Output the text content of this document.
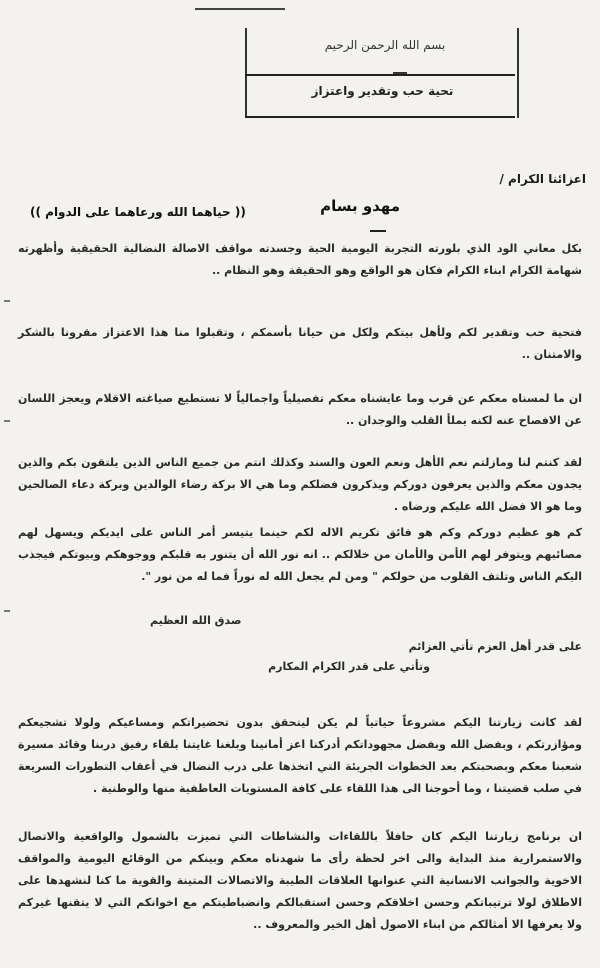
بسم الله الرحمن الرحيم
تحية حب وتقدير واعتزاز
اعزائنا الكرام /
مهدو بسام
(( حياهما الله ورعاهما على الدوام ))
بكل معاني الود الذي بلورته التجربة اليومية الحية وجسدته مواقف الاصالة النضالية الحقيقية وأظهرته شهامة الكرام ابناء الكرام فكان هو الواقع وهو الحقيقة وهو النظام ..
فتحية حب وتقدير لكم ولأهل بيتكم ولكل من حيانا بأسمكم ، وتقبلوا منا هذا الاعتزاز مقرونا بالشكر والامتنان ..
ان ما لمسناه معكم عن قرب وما عايشناه معكم تفصيلياً واجمالياً لا تستطيع صياغته الاقلام ويعجز اللسان عن الافصاح عنه لكنه يملأ القلب والوجدان ..
لقد كنتم لنا ومازلتم نعم الأهل ونعم العون والسند وكذلك انتم من جميع الناس الذين يلتقون بكم والذين يجدون معكم والذين يعرفون دوركم ويذكرون فضلكم وما هي الا بركة رضاء الوالدين وبركة دعاء الصالحين وما هو الا فضل الله عليكم ورضاه .
كم هو عظيم دوركم وكم هو فائق تكريم الاله لكم حينما يتيسر أمر الناس على ايديكم ويسهل لهم مصائبهم ويتوفر لهم الأمن والأمان من خلالكم .. انه نور الله أن يتنور به قلبكم ووجوهكم وبيوتكم فيجذب اليكم الناس وتلتف القلوب من حولكم " ومن لم يجعل الله له نوراً فما له من نور ".
صدق الله العظيم
على قدر أهل العزم تأتي العزائم
وتأتي على قدر الكرام المكارم
لقد كانت زيارتنا اليكم مشروعاً حياتياً لم يكن ليتحقق بدون تحضيراتكم ومساعيكم ولولا تشجيعكم ومؤازرتكم ، وبفضل الله وبفضل مجهوداتكم أدركنا اعز أمانينا وبلغنا غايتنا بلقاء رفيق دربنا وقائد مسيرة شعبنا معكم وبصحبتكم بعد الخطوات الجريئة التي اتخذها على درب النضال في أعقاب التطورات السريعة في صلب قضيتنا ، وما أحوجنا الى هذا اللقاء على كافة المستويات العاطفية منها والوطنية .
ان برنامج زيارتنا اليكم كان حافلاً باللقاءات والنشاطات التي تميزت بالشمول والواقعية والاتصال والاستمرارية منذ البداية والى اخر لحظة رأى ما شهدناه معكم وبينكم من الوقائع اليومية والمواقف الاخوية والجوانب الانسانية التي عنوانها العلاقات الطيبة والاتصالات المتينة والقوية ما كنا لنشهدها على الاطلاق لولا ترتيباتكم وحسن اخلاقكم وحسن استقبالكم وانضباطيتكم مع اخوانكم التي لا يتقنها غيركم ولا يعرفها الا أمثالكم من ابناء الاصول أهل الخير والمعروف ..
